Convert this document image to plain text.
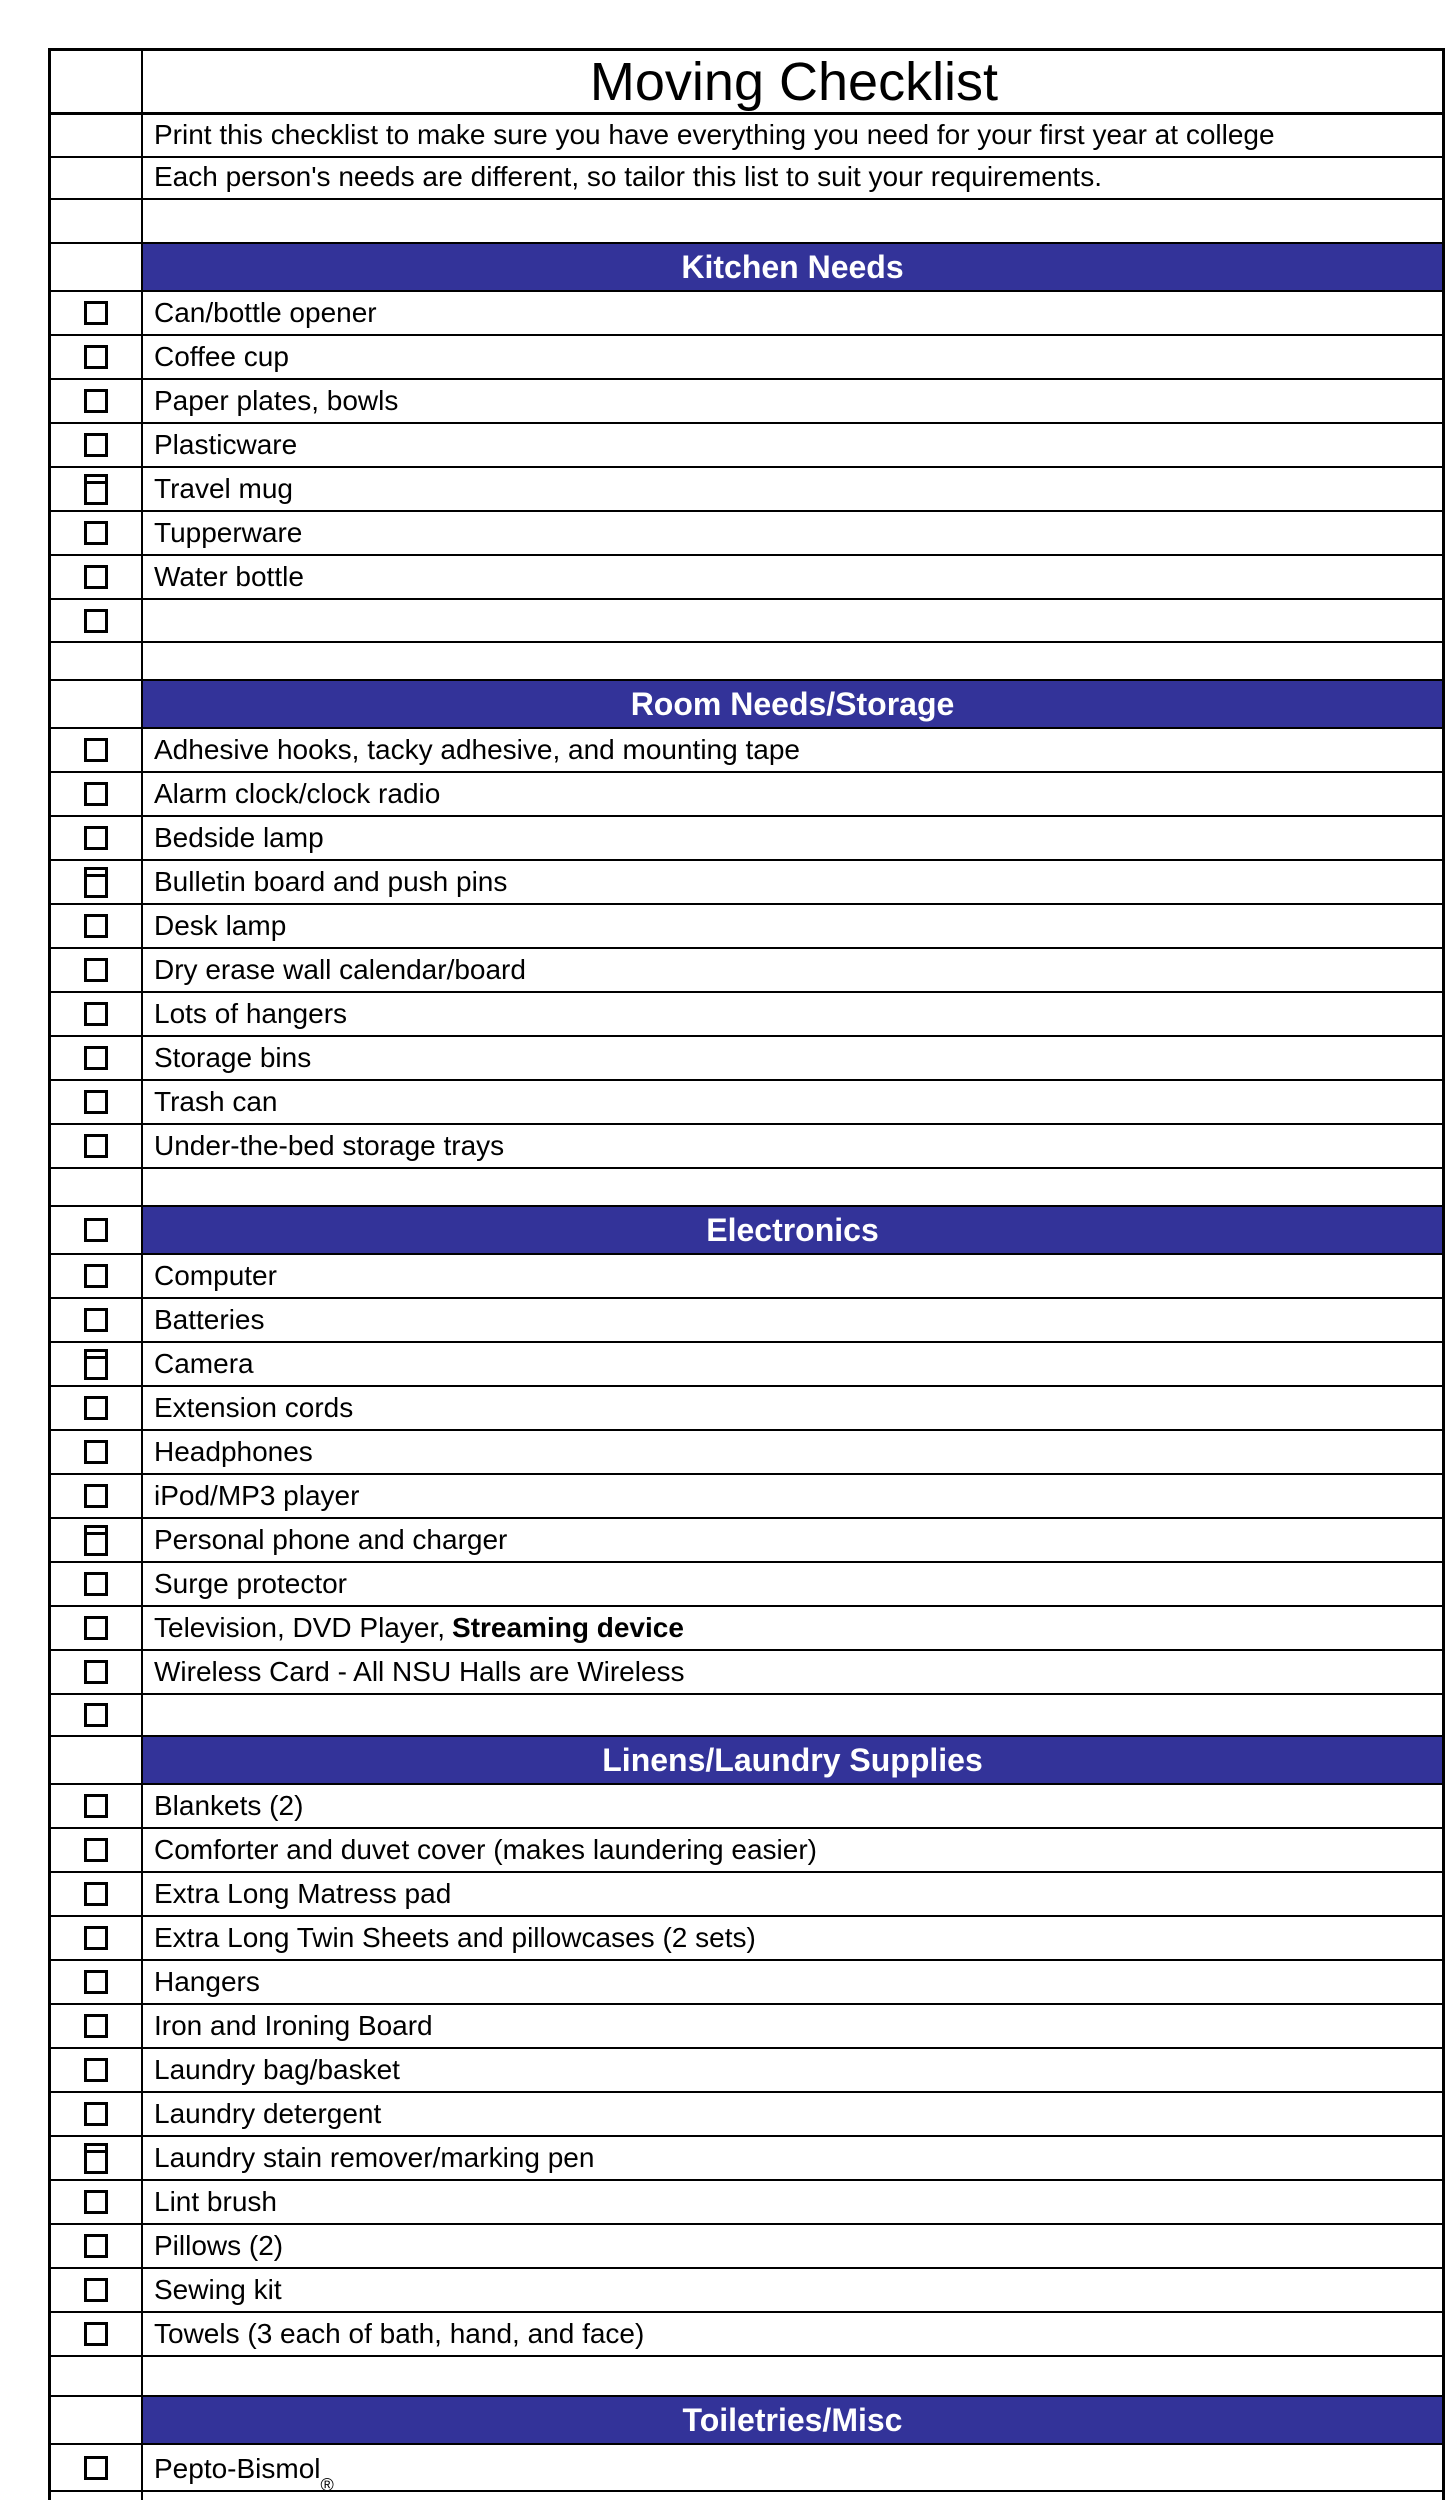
Moving Checklist
Print this checklist to make sure you have everything you need for your first year at college
Each person's needs are different, so tailor this list to suit your requirements.
Kitchen Needs
Can/bottle opener
Coffee cup
Paper plates, bowls
Plasticware
Travel mug
Tupperware
Water bottle
Room Needs/Storage
Adhesive hooks, tacky adhesive, and mounting tape
Alarm clock/clock radio
Bedside lamp
Bulletin board and push pins
Desk lamp
Dry erase wall calendar/board
Lots of hangers
Storage bins
Trash can
Under-the-bed storage trays
Electronics
Computer
Batteries
Camera
Extension cords
Headphones
iPod/MP3 player
Personal phone and charger
Surge protector
Television, DVD Player, Streaming device
Wireless Card - All NSU Halls are Wireless
Linens/Laundry Supplies
Blankets (2)
Comforter and duvet cover (makes laundering easier)
Extra Long Matress pad
Extra Long Twin Sheets and pillowcases (2 sets)
Hangers
Iron and Ironing Board
Laundry bag/basket
Laundry detergent
Laundry stain remover/marking pen
Lint brush
Pillows (2)
Sewing kit
Towels (3 each of bath, hand, and face)
Toiletries/Misc
Pepto-Bismol
®
